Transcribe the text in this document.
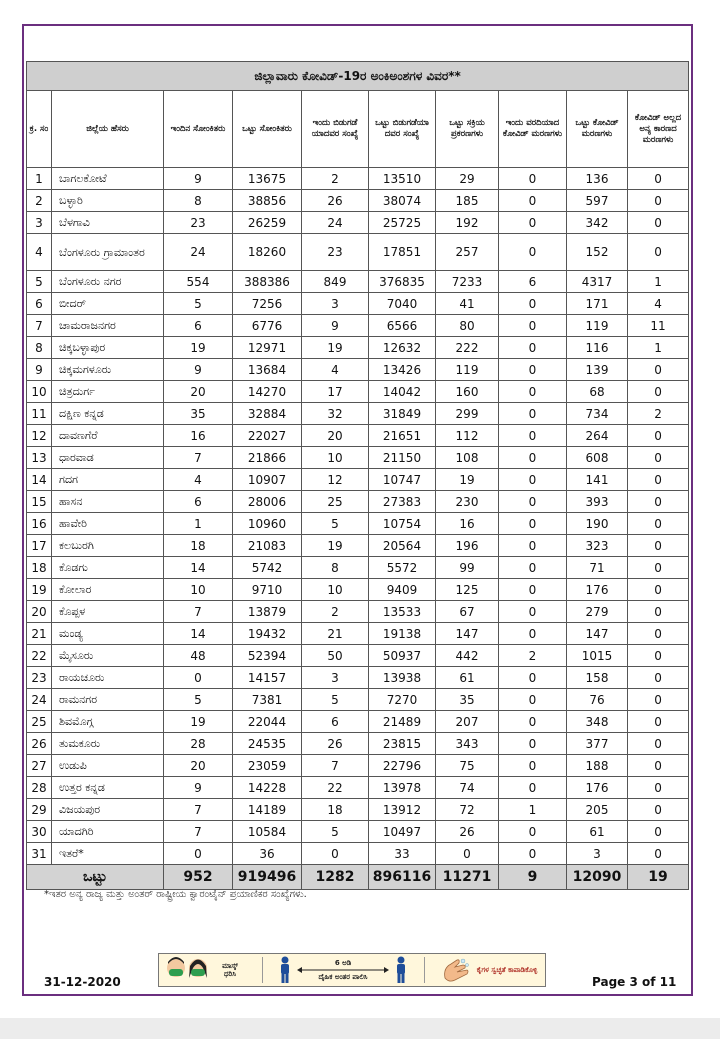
ಜಿಲ್ಲಾವಾರು ಕೋವಿಡ್-19ರ ಅಂಕಿಅಂಶಗಳ ವಿವರ**									
ಕ್ರ. ಸಂ	ಜಿಲ್ಲೆಯ ಹೆಸರು	ಇಂದಿನ ಸೋಂಕಿತರು	ಒಟ್ಟು ಸೋಂಕಿತರು	ಇಂದು ಬಿಡುಗಡೆ ಯಾದವರ ಸಂಖ್ಯೆ	ಒಟ್ಟು ಬಿಡುಗಡೆಯಾ ದವರ ಸಂಖ್ಯೆ	ಒಟ್ಟು ಸಕ್ರಿಯ ಪ್ರಕರಣಗಳು	ಇಂದು ವರದಿಯಾದ ಕೋವಿಡ್ ಮರಣಗಳು	ಒಟ್ಟು ಕೋವಿಡ್ ಮರಣಗಳು	ಕೋವಿಡ್ ಅಲ್ಲದ ಅನ್ಯ ಕಾರಣದ ಮರಣಗಳು
1	ಬಾಗಲಕೋಟೆ	9	13675	2	13510	29	0	136	0
2	ಬಳ್ಳಾರಿ	8	38856	26	38074	185	0	597	0
3	ಬೆಳಗಾವಿ	23	26259	24	25725	192	0	342	0
4	ಬೆಂಗಳೂರು ಗ್ರಾಮಾಂತರ	24	18260	23	17851	257	0	152	0
5	ಬೆಂಗಳೂರು ನಗರ	554	388386	849	376835	7233	6	4317	1
6	ಬೀದರ್	5	7256	3	7040	41	0	171	4
7	ಚಾಮರಾಜನಗರ	6	6776	9	6566	80	0	119	11
8	ಚಿಕ್ಕಬಳ್ಳಾಪುರ	19	12971	19	12632	222	0	116	1
9	ಚಿಕ್ಕಮಗಳೂರು	9	13684	4	13426	119	0	139	0
10	ಚಿತ್ರದುರ್ಗ	20	14270	17	14042	160	0	68	0
11	ದಕ್ಷಿಣ ಕನ್ನಡ	35	32884	32	31849	299	0	734	2
12	ದಾವಣಗೆರೆ	16	22027	20	21651	112	0	264	0
13	ಧಾರವಾಡ	7	21866	10	21150	108	0	608	0
14	ಗದಗ	4	10907	12	10747	19	0	141	0
15	ಹಾಸನ	6	28006	25	27383	230	0	393	0
16	ಹಾವೇರಿ	1	10960	5	10754	16	0	190	0
17	ಕಲಬುರಗಿ	18	21083	19	20564	196	0	323	0
18	ಕೊಡಗು	14	5742	8	5572	99	0	71	0
19	ಕೋಲಾರ	10	9710	10	9409	125	0	176	0
20	ಕೊಪ್ಪಳ	7	13879	2	13533	67	0	279	0
21	ಮಂಡ್ಯ	14	19432	21	19138	147	0	147	0
22	ಮೈಸೂರು	48	52394	50	50937	442	2	1015	0
23	ರಾಯಚೂರು	0	14157	3	13938	61	0	158	0
24	ರಾಮನಗರ	5	7381	5	7270	35	0	76	0
25	ಶಿವಮೊಗ್ಗ	19	22044	6	21489	207	0	348	0
26	ತುಮಕೂರು	28	24535	26	23815	343	0	377	0
27	ಉಡುಪಿ	20	23059	7	22796	75	0	188	0
28	ಉತ್ತರ ಕನ್ನಡ	9	14228	22	13978	74	0	176	0
29	ವಿಜಯಪುರ	7	14189	18	13912	72	1	205	0
30	ಯಾದಗಿರಿ	7	10584	5	10497	26	0	61	0
31	ಇತರೆ*	0	36	0	33	0	0	3	0
ಒಟ್ಟು		952	919496	1282	896116	11271	9	12090	19
*ಇತರ ಅನ್ಯ ರಾಜ್ಯ ಮತ್ತು ಅಂತರ್ ರಾಷ್ಟ್ರೀಯ ಕ್ವಾರಂಟೈನ್ ಪ್ರಯಾಣಿಕರ ಸಂಖ್ಯೆಗಳು.
ಮಾಸ್ಕ್ ಧರಿಸಿ
6 ಅಡಿ
ದೈಹಿಕ ಅಂತರ ಪಾಲಿಸಿ
ಕೈಗಳ ಸ್ವಚ್ಛತೆ ಕಾಪಾಡಿಕೊಳ್ಳಿ
31-12-2020	Page 3 of 11
